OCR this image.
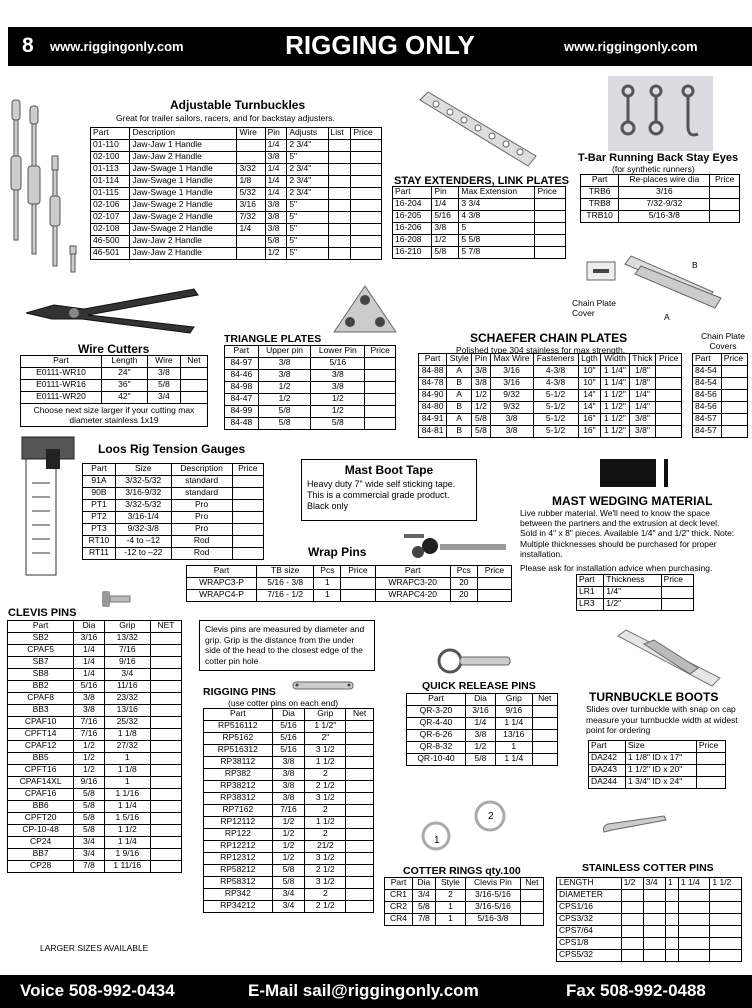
8 www.riggingonly.com	RIGGING ONLY	www.riggingonly.com
Adjustable Turnbuckles
Great for trailer sailors, racers, and for backstay adjusters.
Part	Description	Wire	Pin	Adjusts	List	Price
01-110	Jaw-Jaw 1 Handle		1/4	2 3/4"		
02-100	Jaw-Jaw 2 Handle		3/8	5"		
01-113	Jaw-Swage 1 Handle	3/32	1/4	2 3/4"		
01-114	Jaw-Swage 1 Handle	1/8	1/4	2 3/4"		
01-115	Jaw-Swage 1 Handle	5/32	1/4	2 3/4"		
02-106	Jaw-Swage 2 Handle	3/16	3/8	5"		
02-107	Jaw-Swage 2 Handle	7/32	3/8	5"		
02-108	Jaw-Swage 2 Handle	1/4	3/8	5"		
46-500	Jaw-Jaw 2 Handle		5/8	5"		
46-501	Jaw-Jaw 2 Handle		1/2	5"		
STAY EXTENDERS, LINK PLATES
Part	Pin	Max Extension	Price
16-204	1/4	3 3/4	
16-205	5/16	4 3/8	
16-206	3/8	5	
16-208	1/2	5 5/8	
16-210	5/8	5 7/8	
T-Bar Running Back Stay Eyes
(for synthetic runners)
Part	Re-places wire dia	Price
TRB6	3/16	
TRB8	7/32-9/32	
TRB10	5/16-3/8	
Chain Plate Cover	A
B
Wire Cutters
Part	Length	Wire	Net
E0111-WR10	24"	3/8	
E0111-WR16	36"	5/8	
E0111-WR20	42"	3/4	
Choose next size larger if your cutting max diameter stainless 1x19
TRIANGLE PLATES
Part	Upper pin	Lower Pin	Price
84-97	3/8	5/16	
84-46	3/8	3/8	
84-98	1/2	3/8	
84-47	1/2	1/2	
84-99	5/8	1/2	
84-48	5/8	5/8	
SCHAEFER CHAIN PLATES
Polished type 304 stainless for max strength.
Part	Style	Pin	Max Wire	Fasteners	Lgth	Width	Thick	Price
84-88	A	3/8	3/16	4-3/8	10"	1 1/4"	1/8"	
84-78	B	3/8	3/16	4-3/8	10"	1 1/4"	1/8"	
84-90	A	1/2	9/32	5-1/2	14"	1 1/2"	1/4"	
84-80	B	1/2	9/32	5-1/2	14"	1 1/2"	1/4"	
84-91	A	5/8	3/8	5-1/2	16"	1 1/2"	3/8"	
84-81	B	5/8	3/8	5-1/2	16"	1 1/2"	3/8"	
Chain Plate Covers
Part	Price
84-54	
84-54	
84-56	
84-56	
84-57	
84-57	
Loos Rig Tension Gauges
Part	Size	Description	Price
91A	3/32-5/32	standard	
90B	3/16-9/32	standard	
PT1	3/32-5/32	Pro	
PT2	3/16-1/4	Pro	
PT3	9/32-3/8	Pro	
RT10	-4 to –12	Rod	
RT11	-12 to –22	Rod	
Mast Boot Tape
Heavy duty 7" wide self sticking tape.
This is a commercial grade product.
Black only	MAST WEDGING MATERIAL
Live rubber material. We'll need to know the space between the partners and the extrusion at deck level. Sold in 4" x 8" pieces. Available 1/4" and 1/2" thick. Note: Multiple thicknesses should be purchased for proper installation.
Please ask for installation advice when purchasing.
Part	Thickness	Price
LR1	1/4"	
LR3	1/2"	
Wrap Pins
Part	TB size	Pcs	Price	Part	Pcs	Price
WRAPC3-P	5/16 - 3/8	1		WRAPC3-20	20	
WRAPC4-P	7/16 - 1/2	1		WRAPC4-20	20	
CLEVIS PINS
Part	Dia	Grip	NET
SB2	3/16	13/32	
CPAF5	1/4	7/16	
SB7	1/4	9/16	
SB8	1/4	3/4	
BB2	5/16	11/16	
CPAF8	3/8	23/32	
BB3	3/8	13/16	
CPAF10	7/16	25/32	
CPFT14	7/16	1 1/8	
CPAF12	1/2	27/32	
BB5	1/2	1	
CPFT16	1/2	1 1/8	
CPAF14XL	9/16	1	
CPAF16	5/8	1 1/16	
BB6	5/8	1 1/4	
CPFT20	5/8	1 5/16	
CP-10-48	5/8	1 1/2	
CP24	3/4	1 1/4	
BB7	3/4	1 9/16	
CP28	7/8	1 11/16	
LARGER SIZES AVAILABLE
Clevis pins are measured by diameter and grip. Grip is the distance from the under side of the head to the closest edge of the cotter pin hole
RIGGING PINS
(use cotter pins on each end)
Part	Dia	Grip	Net
RP516112	5/16	1 1/2"	
RP5162	5/16	2"	
RP516312	5/16	3 1/2	
RP38112	3/8	1 1/2	
RP382	3/8	2	
RP38212	3/8	2 1/2	
RP38312	3/8	3 1/2	
RP7162	7/16	2	
RP12112	1/2	1 1/2	
RP122	1/2	2	
RP12212	1/2	21/2	
RP12312	1/2	3 1/2	
RP58212	5/8	2 1/2	
RP58312	5/8	3 1/2	
RP342	3/4	2	
RP34212	3/4	2 1/2	
QUICK RELEASE PINS
Part	Dia	Grip	Net
QR-3-20	3/16	9/16	
QR-4-40	1/4	1 1/4	
QR-6-26	3/8	13/16	
QR-8-32	1/2	1	
QR-10-40	5/8	1 1/4	
TURNBUCKLE BOOTS
Slides over turnbuckle with snap on cap measure your turnbuckle width at widest point for ordering
Part	Size	Price
DA242	1 1/8" ID x 17"	
DA243	1 1/2" ID x 20"	
DA244	1 3/4" ID x 24"	
1
2
COTTER RINGS qty.100
Part	Dia	Style	Clevis Pin	Net
CR1	3/4	2	3/16-5/16	
CR2	5/8	1	3/16-5/16	
CR4	7/8	1	5/16-3/8	
STAINLESS COTTER PINS
LENGTH	1/2	3/4	1	1 1/4	1 1/2
DIAMETER					
CPS1/16					
CPS3/32					
CPS7/64					
CPS1/8					
CPS5/32					
Voice 508-992-0434	E-Mail sail@riggingonly.com	Fax 508-992-0488
